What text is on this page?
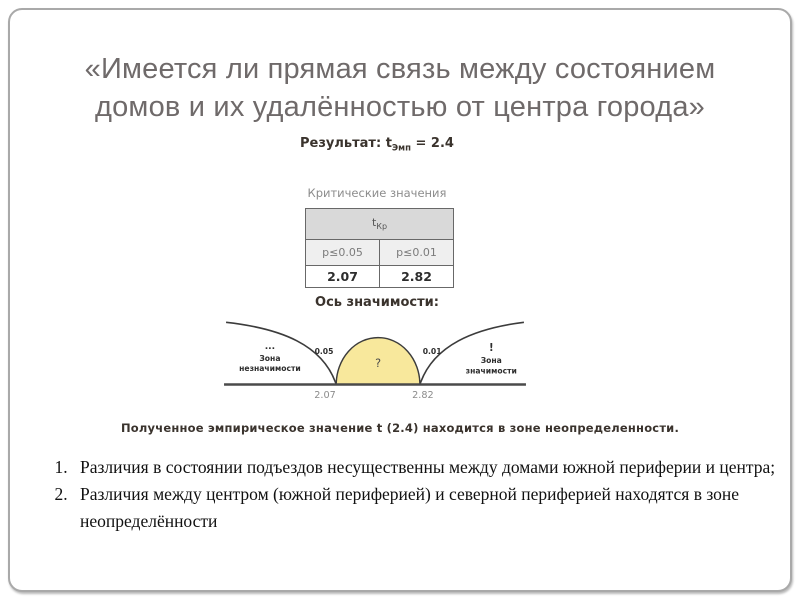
«Имеется ли прямая связь между состоянием
домов и их удалённостью от центра города»
Результат: $t_{Эмп} = 2.4$
Критические значения
$t_{Кр}$
p≤0.05	p≤0.01
2.07	2.82
Ось значимости:
...
Зона
незначимости
0.05
?
0.01	!
Зона
значимости
2.07	2.82
Полученное эмпирическое значение t (2.4) находится в зоне неопределенности.
1. Различия в состоянии подъездов несущественны между домами южной периферии и центра;
2. Различия между центром (южной периферией) и северной периферией находятся в зоне неопределённости
